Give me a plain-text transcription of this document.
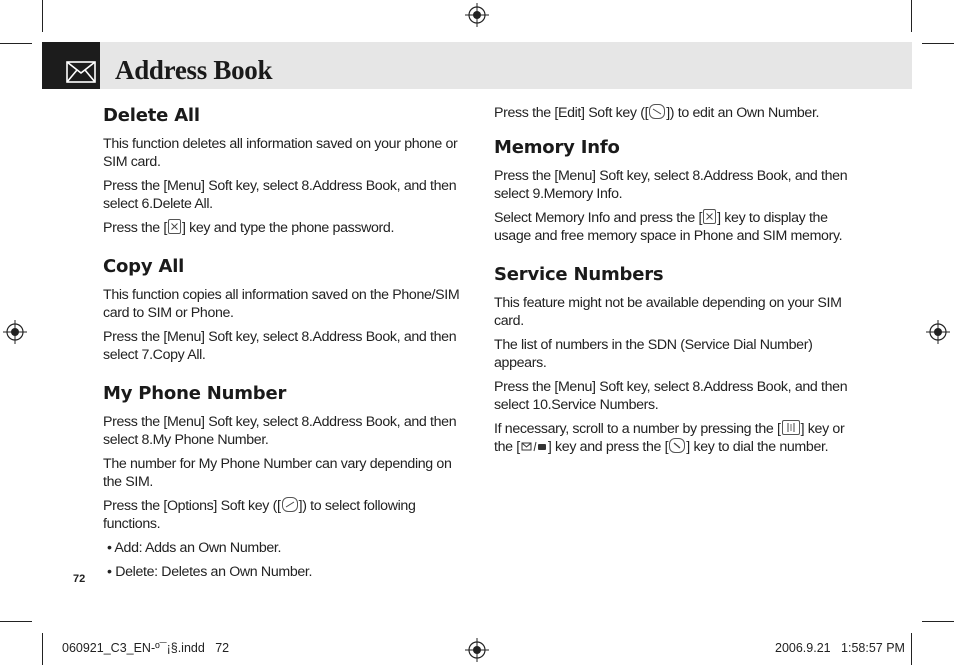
Address Book
Delete All

This function deletes all information saved on your phone or SIM card.

Press the [Menu] Soft key, select 8.Address Book, and then select 6.Delete All.

Press the [ ] key and type the phone password.

Copy All

This function copies all information saved on the Phone/SIM card to SIM or Phone.

Press the [Menu] Soft key, select 8.Address Book, and then select 7.Copy All.

My Phone Number

Press the [Menu] Soft key, select 8.Address Book, and then select 8.My Phone Number.

The number for My Phone Number can vary depending on the SIM.

Press the [Options] Soft key ([ ]) to select following functions.

• Add: Adds an Own Number.

• Delete: Deletes an Own Number.

Press the [Edit] Soft key ([ ]) to edit an Own Number.

Memory Info

Press the [Menu] Soft key, select 8.Address Book, and then select 9.Memory Info.

Select Memory Info and press the [ ] key to display the usage and free memory space in Phone and SIM memory.

Service Numbers

This feature might not be available depending on your SIM card.

The list of numbers in the SDN (Service Dial Number) appears.

Press the [Menu] Soft key, select 8.Address Book, and then select 10.Service Numbers.

If necessary, scroll to a number by pressing the [ ] key or the [ ] key and press the [ ] key to dial the number.

72
060921_C3_EN-º¯¡§.indd   72	2006.9.21   1:58:57 PM
